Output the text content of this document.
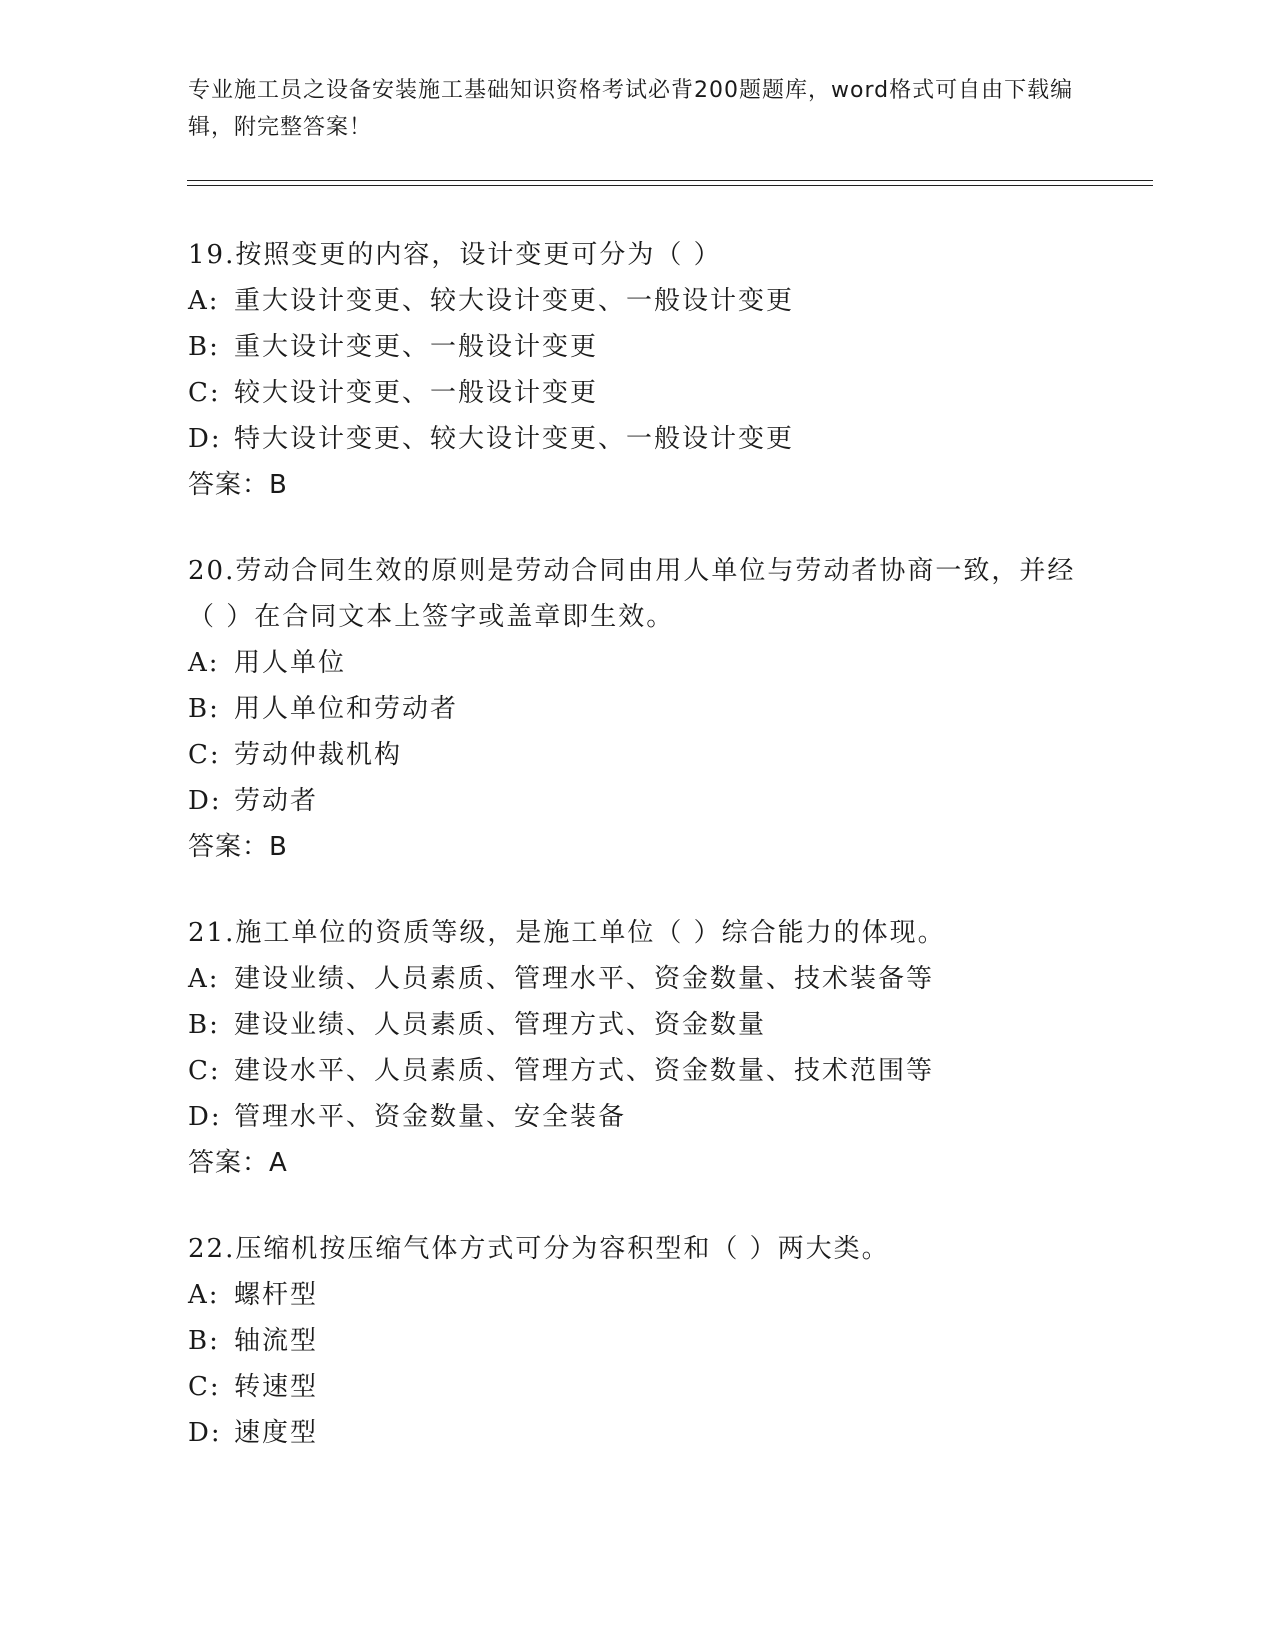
专业施工员之设备安装施工基础知识资格考试必背200题题库，word格式可自由下载编辑，附完整答案！

19.按照变更的内容，设计变更可分为（ ）

A: 重大设计变更、较大设计变更、一般设计变更

B: 重大设计变更、一般设计变更

C: 较大设计变更、一般设计变更

D: 特大设计变更、较大设计变更、一般设计变更

答案：B

20.劳动合同生效的原则是劳动合同由用人单位与劳动者协商一致，并经（ ）在合同文本上签字或盖章即生效。

A: 用人单位

B: 用人单位和劳动者

C: 劳动仲裁机构

D: 劳动者

答案：B

21.施工单位的资质等级，是施工单位（ ）综合能力的体现。

A: 建设业绩、人员素质、管理水平、资金数量、技术装备等

B: 建设业绩、人员素质、管理方式、资金数量

C: 建设水平、人员素质、管理方式、资金数量、技术范围等

D: 管理水平、资金数量、安全装备

答案：A

22.压缩机按压缩气体方式可分为容积型和（ ）两大类。

A: 螺杆型

B: 轴流型

C: 转速型

D: 速度型
